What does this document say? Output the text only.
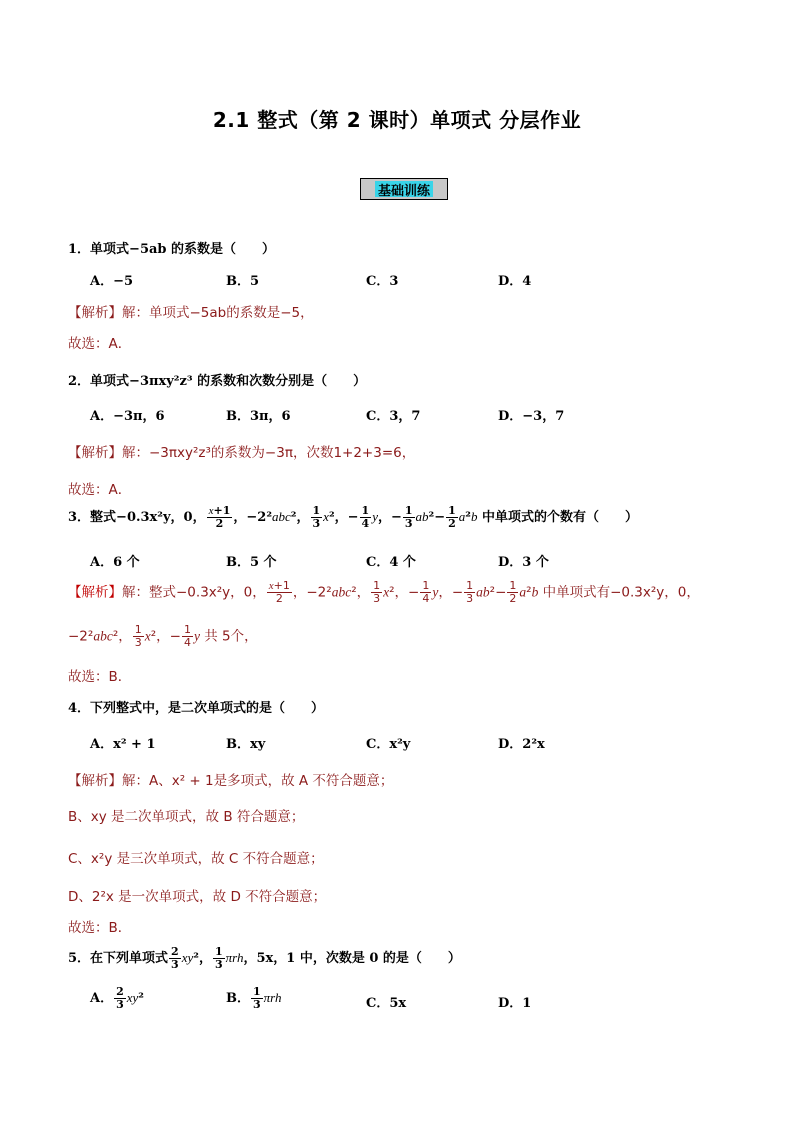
2.1 整式（第 2 课时）单项式 分层作业
基础训练
1．单项式−5ab 的系数是（　　）
A．−5	B．5	C．3	D．4
【解析】解：单项式−5ab的系数是−5，
故选：A．
2．单项式−3πxy²z³ 的系数和次数分别是（　　）
A．−3π，6	B．3π，6	C．3，7	D．−3，7
【解析】解：−3πxy²z³的系数为−3π，次数1+2+3=6，
故选：A．
3．整式−0.3x²y，0， $\frac{x+1}{2}$ ，−2²abc²， $\frac{1}{3} x^2$，− $\frac{1}{4}$ y，− $\frac{1}{3} ab^2- \frac{1}{2} a^2b$ 中单项式的个数有（　　）
A．6 个	B．5 个	C．4 个	D．3 个
【解析】解：整式−0.3x²y，0， $\frac{x+1}{2}$ ，−2²abc²， $\frac{1}{3} x^2$，− $\frac{1}{4}$ y，− $\frac{1}{3} ab^2- \frac{1}{2} a^2b$ 中单项式有−0.3x²y，0，
−2²abc²， $\frac{1}{3} x^2$，− $\frac{1}{4}$ y 共 5个，
故选：B．
4．下列整式中，是二次单项式的是（　　）
A．x² + 1	B．xy	C．x²y	D．2²x
【解析】解：A、x² + 1是多项式，故 A 不符合题意；
B、xy 是二次单项式，故 B 符合题意；
C、x²y 是三次单项式，故 C 不符合题意；
D、2²x 是一次单项式，故 D 不符合题意；
故选：B．
5．在下列单项式 $\frac{2}{3} xy^2$， $\frac{1}{3}$ πrh，5x，1 中，次数是 0 的是（　　）
A． $\frac{2}{3} xy^2$	B． $\frac{1}{3}$ πrh	C．5x	D．1
